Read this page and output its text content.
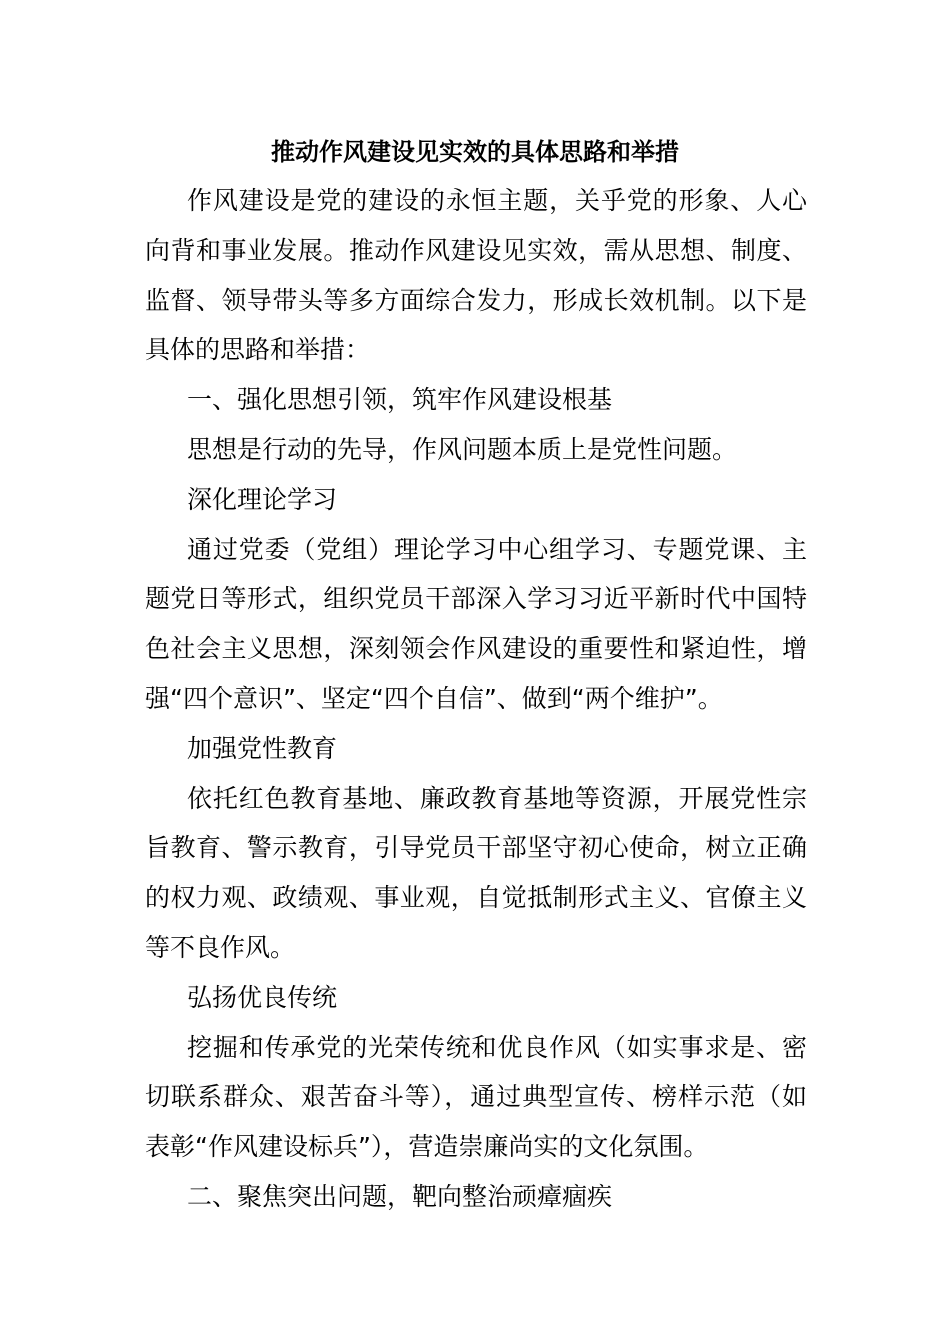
推动作风建设见实效的具体思路和举措

作风建设是党的建设的永恒主题，关乎党的形象、人心向背和事业发展。推动作风建设见实效，需从思想、制度、监督、领导带头等多方面综合发力，形成长效机制。以下是具体的思路和举措：

一、强化思想引领，筑牢作风建设根基

思想是行动的先导，作风问题本质上是党性问题。

深化理论学习

通过党委（党组）理论学习中心组学习、专题党课、主题党日等形式，组织党员干部深入学习习近平新时代中国特色社会主义思想，深刻领会作风建设的重要性和紧迫性，增强“四个意识”、坚定“四个自信”、做到“两个维护”。

加强党性教育

依托红色教育基地、廉政教育基地等资源，开展党性宗旨教育、警示教育，引导党员干部坚守初心使命，树立正确的权力观、政绩观、事业观，自觉抵制形式主义、官僚主义等不良作风。

弘扬优良传统

挖掘和传承党的光荣传统和优良作风（如实事求是、密切联系群众、艰苦奋斗等），通过典型宣传、榜样示范（如表彰“作风建设标兵”），营造崇廉尚实的文化氛围。

二、聚焦突出问题，靶向整治顽瘴痼疾
